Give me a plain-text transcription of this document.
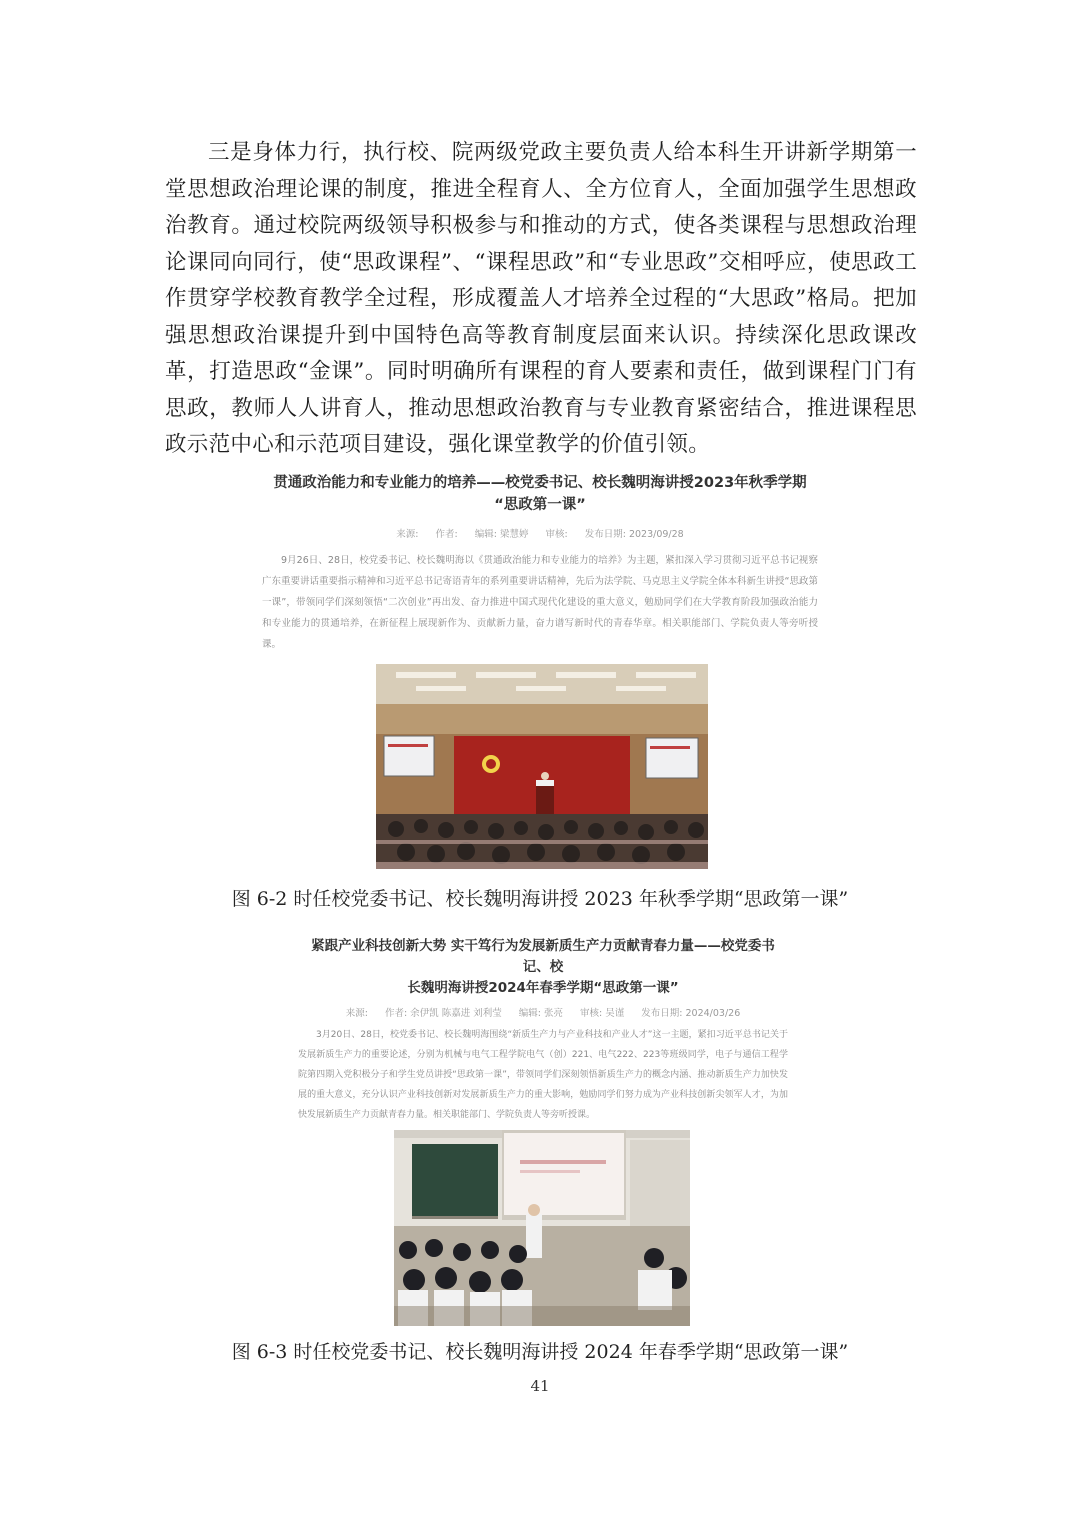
三是身体力行，执行校、院两级党政主要负责人给本科生开讲新学期第一堂思想政治理论课的制度，推进全程育人、全方位育人，全面加强学生思想政治教育。通过校院两级领导积极参与和推动的方式，使各类课程与思想政治理论课同向同行，使“思政课程”、“课程思政”和“专业思政”交相呼应，使思政工作贯穿学校教育教学全过程，形成覆盖人才培养全过程的“大思政”格局。把加强思想政治课提升到中国特色高等教育制度层面来认识。持续深化思政课改革，打造思政“金课”。同时明确所有课程的育人要素和责任，做到课程门门有思政，教师人人讲育人，推动思想政治教育与专业教育紧密结合，推进课程思政示范中心和示范项目建设，强化课堂教学的价值引领。
贯通政治能力和专业能力的培养——校党委书记、校长魏明海讲授2023年秋季学期
“思政第一课”
来源: 作者: 编辑: 梁慧婷 审核: 发布日期: 2023/09/28
9月26日、28日，校党委书记、校长魏明海以《贯通政治能力和专业能力的培养》为主题，紧扣深入学习贯彻习近平总书记视察广东重要讲话重要指示精神和习近平总书记寄语青年的系列重要讲话精神，先后为法学院、马克思主义学院全体本科新生讲授“思政第一课”，带领同学们深刻领悟“二次创业”再出发、奋力推进中国式现代化建设的重大意义，勉励同学们在大学教育阶段加强政治能力和专业能力的贯通培养，在新征程上展现新作为、贡献新力量，奋力谱写新时代的青春华章。相关职能部门、学院负责人等旁听授课。
图 6-2 时任校党委书记、校长魏明海讲授 2023 年秋季学期“思政第一课”
紧跟产业科技创新大势 实干笃行为发展新质生产力贡献青春力量——校党委书记、校
长魏明海讲授2024年春季学期“思政第一课”
来源: 作者: 余伊凯 陈嘉进 刘利莹 编辑: 张亮 审核: 吴谨 发布日期: 2024/03/26
3月20日、28日，校党委书记、校长魏明海围绕“新质生产力与产业科技和产业人才”这一主题，紧扣习近平总书记关于发展新质生产力的重要论述，分别为机械与电气工程学院电气（创）221、电气222、223等班级同学，电子与通信工程学院第四期入党积极分子和学生党员讲授“思政第一课”，带领同学们深刻领悟新质生产力的概念内涵、推动新质生产力加快发展的重大意义，充分认识产业科技创新对发展新质生产力的重大影响，勉励同学们努力成为产业科技创新尖领军人才，为加快发展新质生产力贡献青春力量。相关职能部门、学院负责人等旁听授课。
图 6-3 时任校党委书记、校长魏明海讲授 2024 年春季学期“思政第一课”
41
